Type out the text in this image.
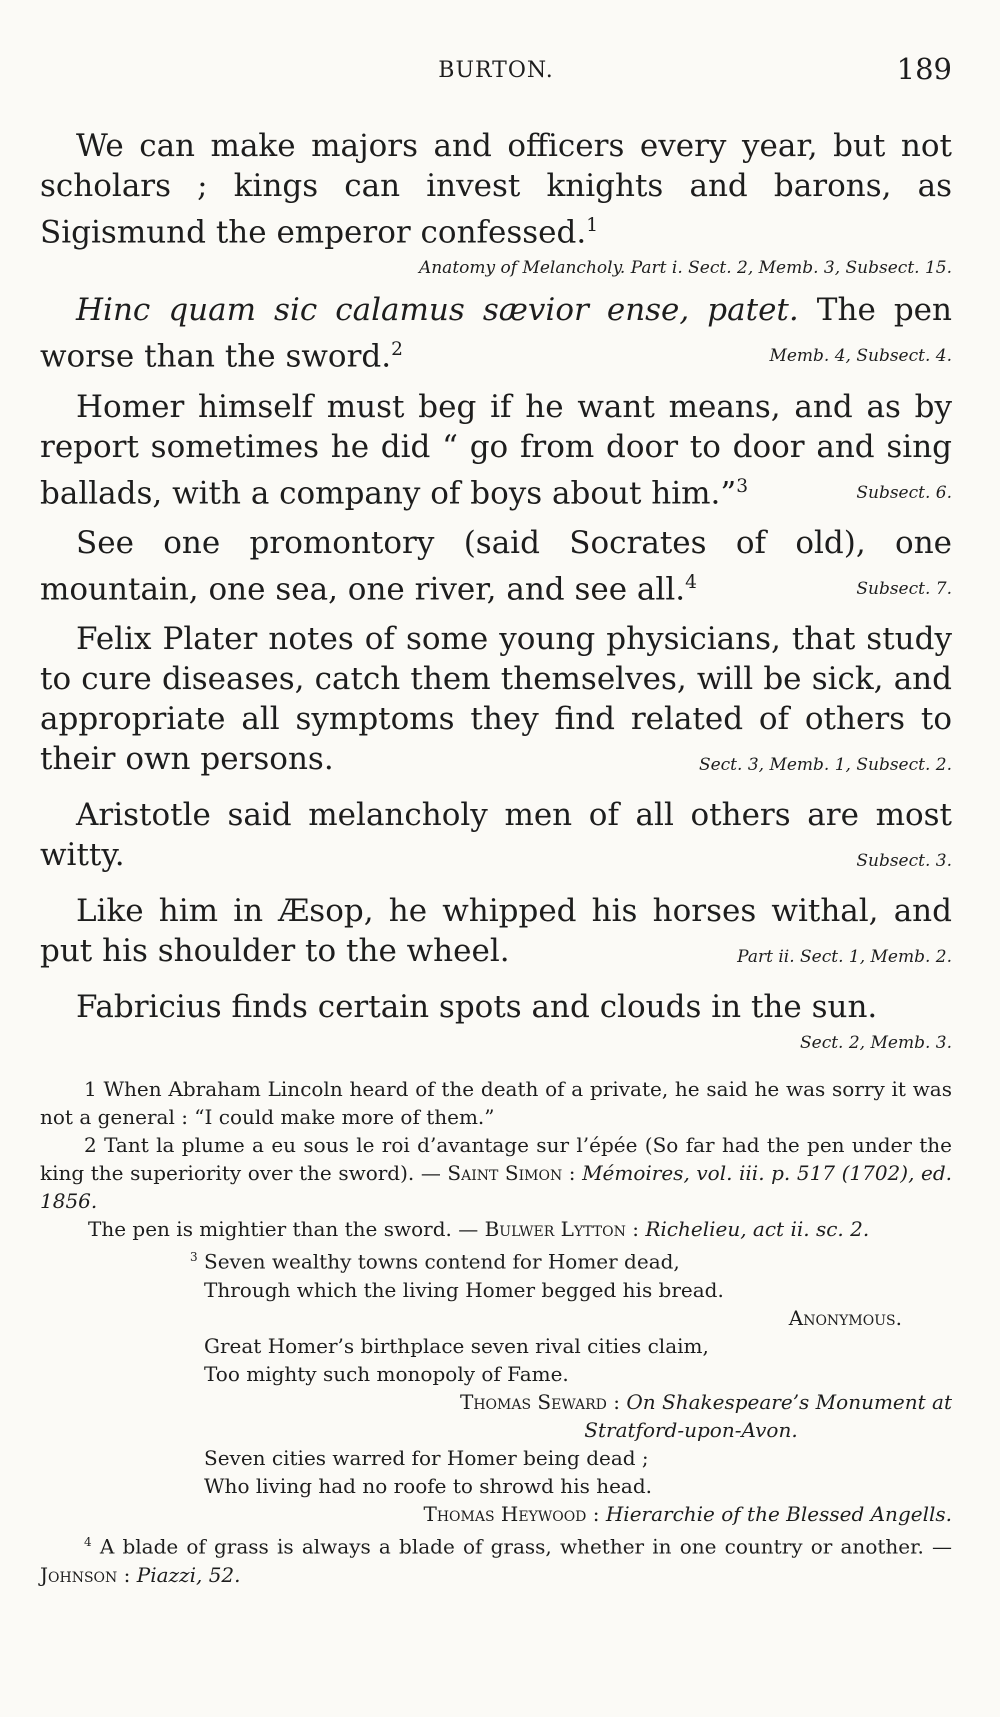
BURTON.	189

We can make majors and officers every year, but not scholars ; kings can invest knights and barons, as Sigismund the emperor confessed.$^1$

Anatomy of Melancholy. Part i. Sect. 2, Memb. 3, Subsect. 15.

Hinc quam sic calamus sævior ense, patet. The pen worse than the sword.$^2$	Memb. 4, Subsect. 4.

Homer himself must beg if he want means, and as by report sometimes he did “ go from door to door and sing ballads, with a company of boys about him.”$^3$	Subsect. 6.

See one promontory (said Socrates of old), one mountain, one sea, one river, and see all.$^4$	Subsect. 7.

Felix Plater notes of some young physicians, that study to cure diseases, catch them themselves, will be sick, and appropriate all symptoms they find related of others to their own persons.	Sect. 3, Memb. 1, Subsect. 2.

Aristotle said melancholy men of all others are most witty.	Subsect. 3.

Like him in Æsop, he whipped his horses withal, and put his shoulder to the wheel.	Part ii. Sect. 1, Memb. 2.

Fabricius finds certain spots and clouds in the sun.

Sect. 2, Memb. 3.

1 When Abraham Lincoln heard of the death of a private, he said he was sorry it was not a general : “I could make more of them.”

2 Tant la plume a eu sous le roi d’avantage sur l’épée (So far had the pen under the king the superiority over the sword). — Saint Simon : Mémoires, vol. iii. p. 517 (1702), ed. 1856.

The pen is mightier than the sword. — Bulwer Lytton : Richelieu, act ii. sc. 2.

$^3$ Seven wealthy towns contend for Homer dead,

Through which the living Homer begged his bread.

Anonymous.

Great Homer’s birthplace seven rival cities claim,

Too mighty such monopoly of Fame.

Thomas Seward : On Shakespeare’s Monument at

Stratford-upon-Avon.

Seven cities warred for Homer being dead ;

Who living had no roofe to shrowd his head.

Thomas Heywood : Hierarchie of the Blessed Angells.

$^4$ A blade of grass is always a blade of grass, whether in one country or another. — Johnson : Piazzi, 52.
